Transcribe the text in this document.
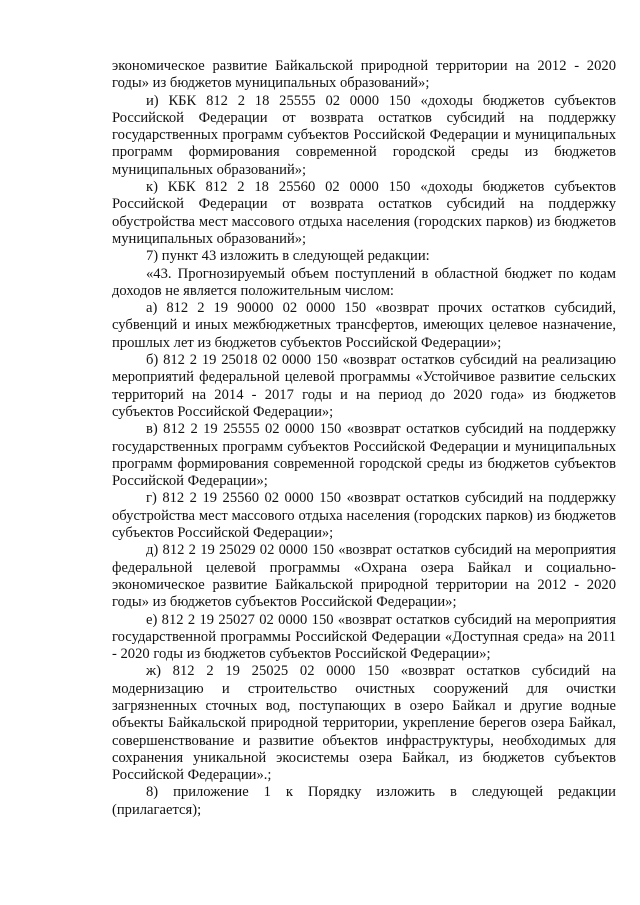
экономическое развитие Байкальской природной территории на 2012 - 2020 годы» из бюджетов муниципальных образований»;

и) КБК 812 2 18 25555 02 0000 150 «доходы бюджетов субъектов Российской Федерации от возврата остатков субсидий на поддержку государственных программ субъектов Российской Федерации и муниципальных программ формирования современной городской среды из бюджетов муниципальных образований»;

к) КБК 812 2 18 25560 02 0000 150 «доходы бюджетов субъектов Российской Федерации от возврата остатков субсидий на поддержку обустройства мест массового отдыха населения (городских парков) из бюджетов муниципальных образований»;

7) пункт 43 изложить в следующей редакции:

«43. Прогнозируемый объем поступлений в областной бюджет по кодам доходов не является положительным числом:

а) 812 2 19 90000 02 0000 150 «возврат прочих остатков субсидий, субвенций и иных межбюджетных трансфертов, имеющих целевое назначение, прошлых лет из бюджетов субъектов Российской Федерации»;

б) 812 2 19 25018 02 0000 150 «возврат остатков субсидий на реализацию мероприятий федеральной целевой программы «Устойчивое развитие сельских территорий на 2014 - 2017 годы и на период до 2020 года» из бюджетов субъектов Российской Федерации»;

в) 812 2 19 25555 02 0000 150 «возврат остатков субсидий на поддержку государственных программ субъектов Российской Федерации и муниципальных программ формирования современной городской среды из бюджетов субъектов Российской Федерации»;

г) 812 2 19 25560 02 0000 150 «возврат остатков субсидий на поддержку обустройства мест массового отдыха населения (городских парков) из бюджетов субъектов Российской Федерации»;

д) 812 2 19 25029 02 0000 150 «возврат остатков субсидий на мероприятия федеральной целевой программы «Охрана озера Байкал и социально-экономическое развитие Байкальской природной территории на 2012 - 2020 годы» из бюджетов субъектов Российской Федерации»;

е) 812 2 19 25027 02 0000 150 «возврат остатков субсидий на мероприятия государственной программы Российской Федерации «Доступная среда» на 2011 - 2020 годы из бюджетов субъектов Российской Федерации»;

ж) 812 2 19 25025 02 0000 150 «возврат остатков субсидий на модернизацию и строительство очистных сооружений для очистки загрязненных сточных вод, поступающих в озеро Байкал и другие водные объекты Байкальской природной территории, укрепление берегов озера Байкал, совершенствование и развитие объектов инфраструктуры, необходимых для сохранения уникальной экосистемы озера Байкал, из бюджетов субъектов Российской Федерации».;

8) приложение 1 к Порядку изложить в следующей редакции (прилагается);
